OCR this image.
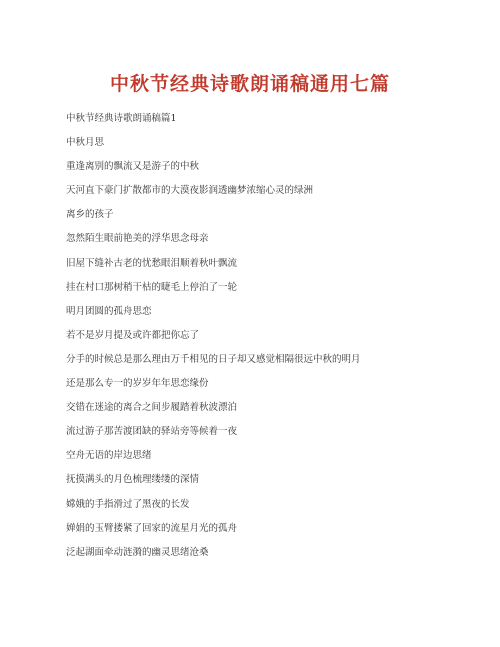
中秋节经典诗歌朗诵稿通用七篇
中秋节经典诗歌朗诵稿篇1
中秋月思
重逢离别的飘流又是游子的中秋
天河直下豪门扩散都市的大漠夜影润透幽梦浓缩心灵的绿洲
离乡的孩子
忽然陌生眼前艳美的浮华思念母亲
旧屋下缝补古老的忧愁眼泪顺着秋叶飘流
挂在村口那树稍干枯的睫毛上停泊了一轮
明月团圆的孤舟思恋
若不是岁月提及或许都把你忘了
分手的时候总是那么理由万千相见的日子却又感觉相隔很远中秋的明月
还是那么专一的岁岁年年思恋缘份
交错在迷途的离合之间步履踏着秋波漂泊
流过游子那苦渡团缺的驿站旁等候着一夜
空舟无语的岸边思绪
抚摸满头的月色梳理缕缕的深情
嫦娥的手指滑过了黑夜的长发
婵娟的玉臂搂紧了回家的流星月光的孤舟
泛起湖面牵动涟漪的幽灵思绪沧桑
